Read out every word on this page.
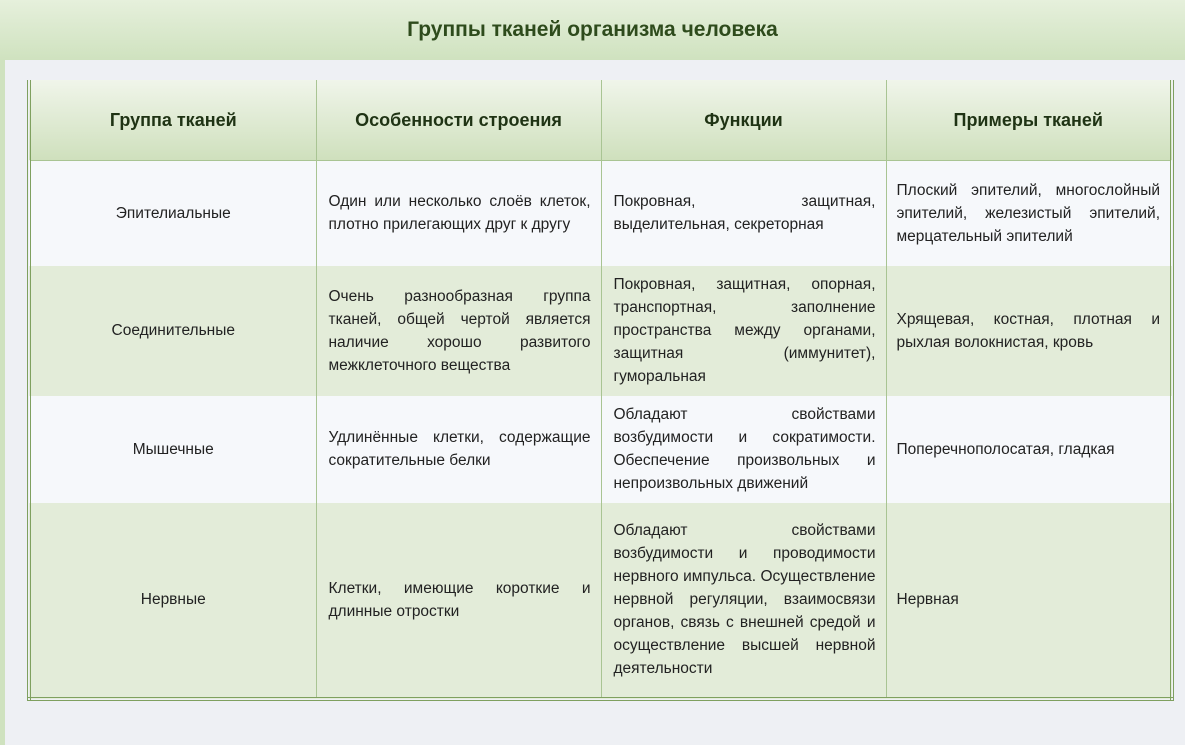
Группы тканей организма человека
Группа тканей	Особенности строения	Функции	Примеры тканей
Эпителиальные	Один или несколько слоёв клеток, плотно прилегающих друг к другу	Покровная, защитная, выделительная, секреторная	Плоский эпителий, многослойный эпителий, железистый эпителий, мерцательный эпителий

Соединительные	Очень разнообразная группа тканей, общей чертой является наличие хорошо развитого межклеточного вещества	Покровная, защитная, опорная, транспортная, заполнение пространства между органами, защитная (иммунитет), гуморальная	Хрящевая, костная, плотная и рыхлая волокнистая, кровь

Мышечные	Удлинённые клетки, содержащие сократительные белки	Обладают свойствами возбудимости и сократимости. Обеспечение произвольных и непроизвольных движений	Поперечнополосатая, гладкая

Нервные	Клетки, имеющие короткие и длинные отростки	Обладают свойствами возбудимости и проводимости нервного импульса. Осуществление нервной регуляции, взаимосвязи органов, связь с внешней средой и осуществление высшей нервной деятельности	Нервная
